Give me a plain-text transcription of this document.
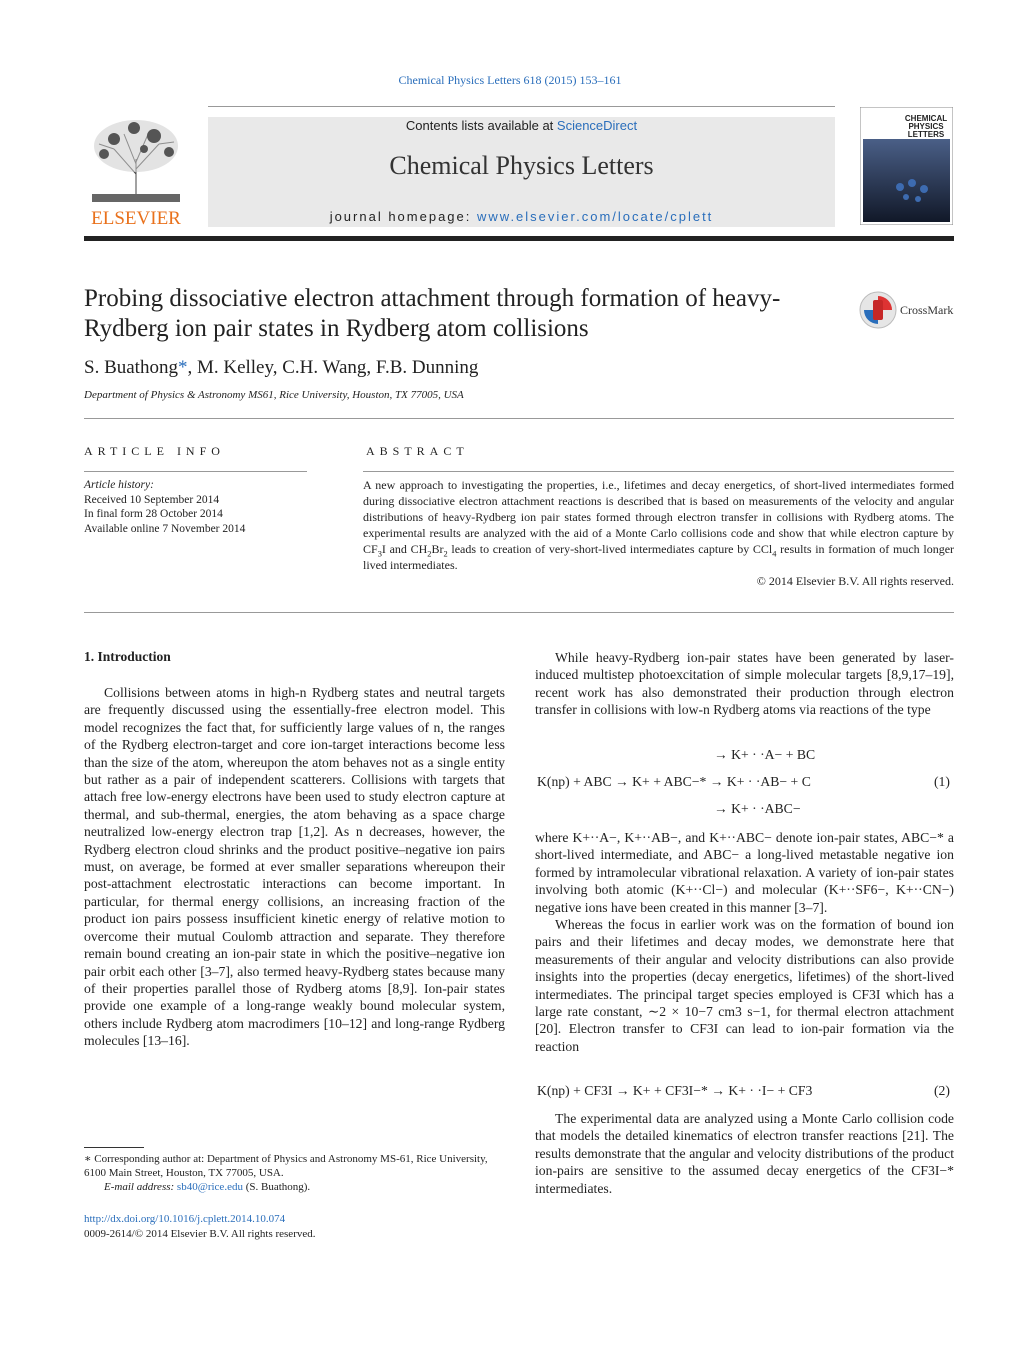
Chemical Physics Letters 618 (2015) 153–161
ELSEVIER
Contents lists available at ScienceDirect
Chemical Physics Letters
journal homepage: www.elsevier.com/locate/cplett
CHEMICAL
PHYSICS
LETTERS
Probing dissociative electron attachment through formation of heavy-Rydberg ion pair states in Rydberg atom collisions
CrossMark
S. Buathong*, M. Kelley, C.H. Wang, F.B. Dunning
Department of Physics & Astronomy MS61, Rice University, Houston, TX 77005, USA
ARTICLE INFO
Article history:
Received 10 September 2014
In final form 28 October 2014
Available online 7 November 2014
ABSTRACT
A new approach to investigating the properties, i.e., lifetimes and decay energetics, of short-lived intermediates formed during dissociative electron attachment reactions is described that is based on measurements of the velocity and angular distributions of heavy-Rydberg ion pair states formed through electron transfer in collisions with Rydberg atoms. The experimental results are analyzed with the aid of a Monte Carlo collisions code and show that while electron capture by $CF_3I$ and $CH_2Br_2$ leads to creation of very-short-lived intermediates capture by CCl$_4$ results in formation of much longer lived intermediates.
© 2014 Elsevier B.V. All rights reserved.
1. Introduction

Collisions between atoms in high-n Rydberg states and neutral targets are frequently discussed using the essentially-free electron model. This model recognizes the fact that, for sufficiently large values of n, the ranges of the Rydberg electron-target and core ion-target interactions become less than the size of the atom, whereupon the atom behaves not as a single entity but rather as a pair of independent scatterers. Collisions with targets that attach free low-energy electrons have been used to study electron capture at thermal, and sub-thermal, energies, the atom behaving as a space charge neutralized low-energy electron trap [1,2]. As n decreases, however, the Rydberg electron cloud shrinks and the product positive–negative ion pairs must, on average, be formed at ever smaller separations whereupon their post-attachment electrostatic interactions can become important. In particular, for thermal energy collisions, an increasing fraction of the product ion pairs possess insufficient kinetic energy of relative motion to overcome their mutual Coulomb attraction and separate. They therefore remain bound creating an ion-pair state in which the positive–negative ion pair orbit each other [3–7], also termed heavy-Rydberg states because many of their properties parallel those of Rydberg atoms [8,9]. Ion-pair states provide one example of a long-range weakly bound molecular system, others include Rydberg atom macrodimers [10–12] and long-range Rydberg molecules [13–16].

While heavy-Rydberg ion-pair states have been generated by laser-induced multistep photoexcitation of simple molecular targets [8,9,17–19], recent work has also demonstrated their production through electron transfer in collisions with low-n Rydberg atoms via reactions of the type

→ K+ · ·A− + BC
K(np) + ABC → K+ + ABC−* → K+ · ·AB− + C	(1)
→ K+ · ·ABC−

where K+··A−, K+··AB−, and K+··ABC− denote ion-pair states, ABC−* a short-lived intermediate, and ABC− a long-lived metastable negative ion formed by intramolecular vibrational relaxation. A variety of ion-pair states involving both atomic (K+··Cl−) and molecular (K+··SF6−, K+··CN−) negative ions have been created in this manner [3–7].

Whereas the focus in earlier work was on the formation of bound ion pairs and their lifetimes and decay modes, we demonstrate here that measurements of their angular and velocity distributions can also provide insights into the properties (decay energetics, lifetimes) of the short-lived intermediates. The principal target species employed is CF3I which has a large rate constant, ∼2 × 10−7 cm3 s−1, for thermal electron attachment [20]. Electron transfer to CF3I can lead to ion-pair formation via the reaction

K(np) + CF3I → K+ + CF3I−* → K+ · ·I− + CF3	(2)

The experimental data are analyzed using a Monte Carlo collision code that models the detailed kinematics of electron transfer reactions [21]. The results demonstrate that the angular and velocity distributions of the product ion-pairs are sensitive to the assumed decay energetics of the CF3I−* intermediates.

∗ Corresponding author at: Department of Physics and Astronomy MS-61, Rice University, 6100 Main Street, Houston, TX 77005, USA.
E-mail address: sb40@rice.edu (S. Buathong).
http://dx.doi.org/10.1016/j.cplett.2014.10.074
0009-2614/© 2014 Elsevier B.V. All rights reserved.
